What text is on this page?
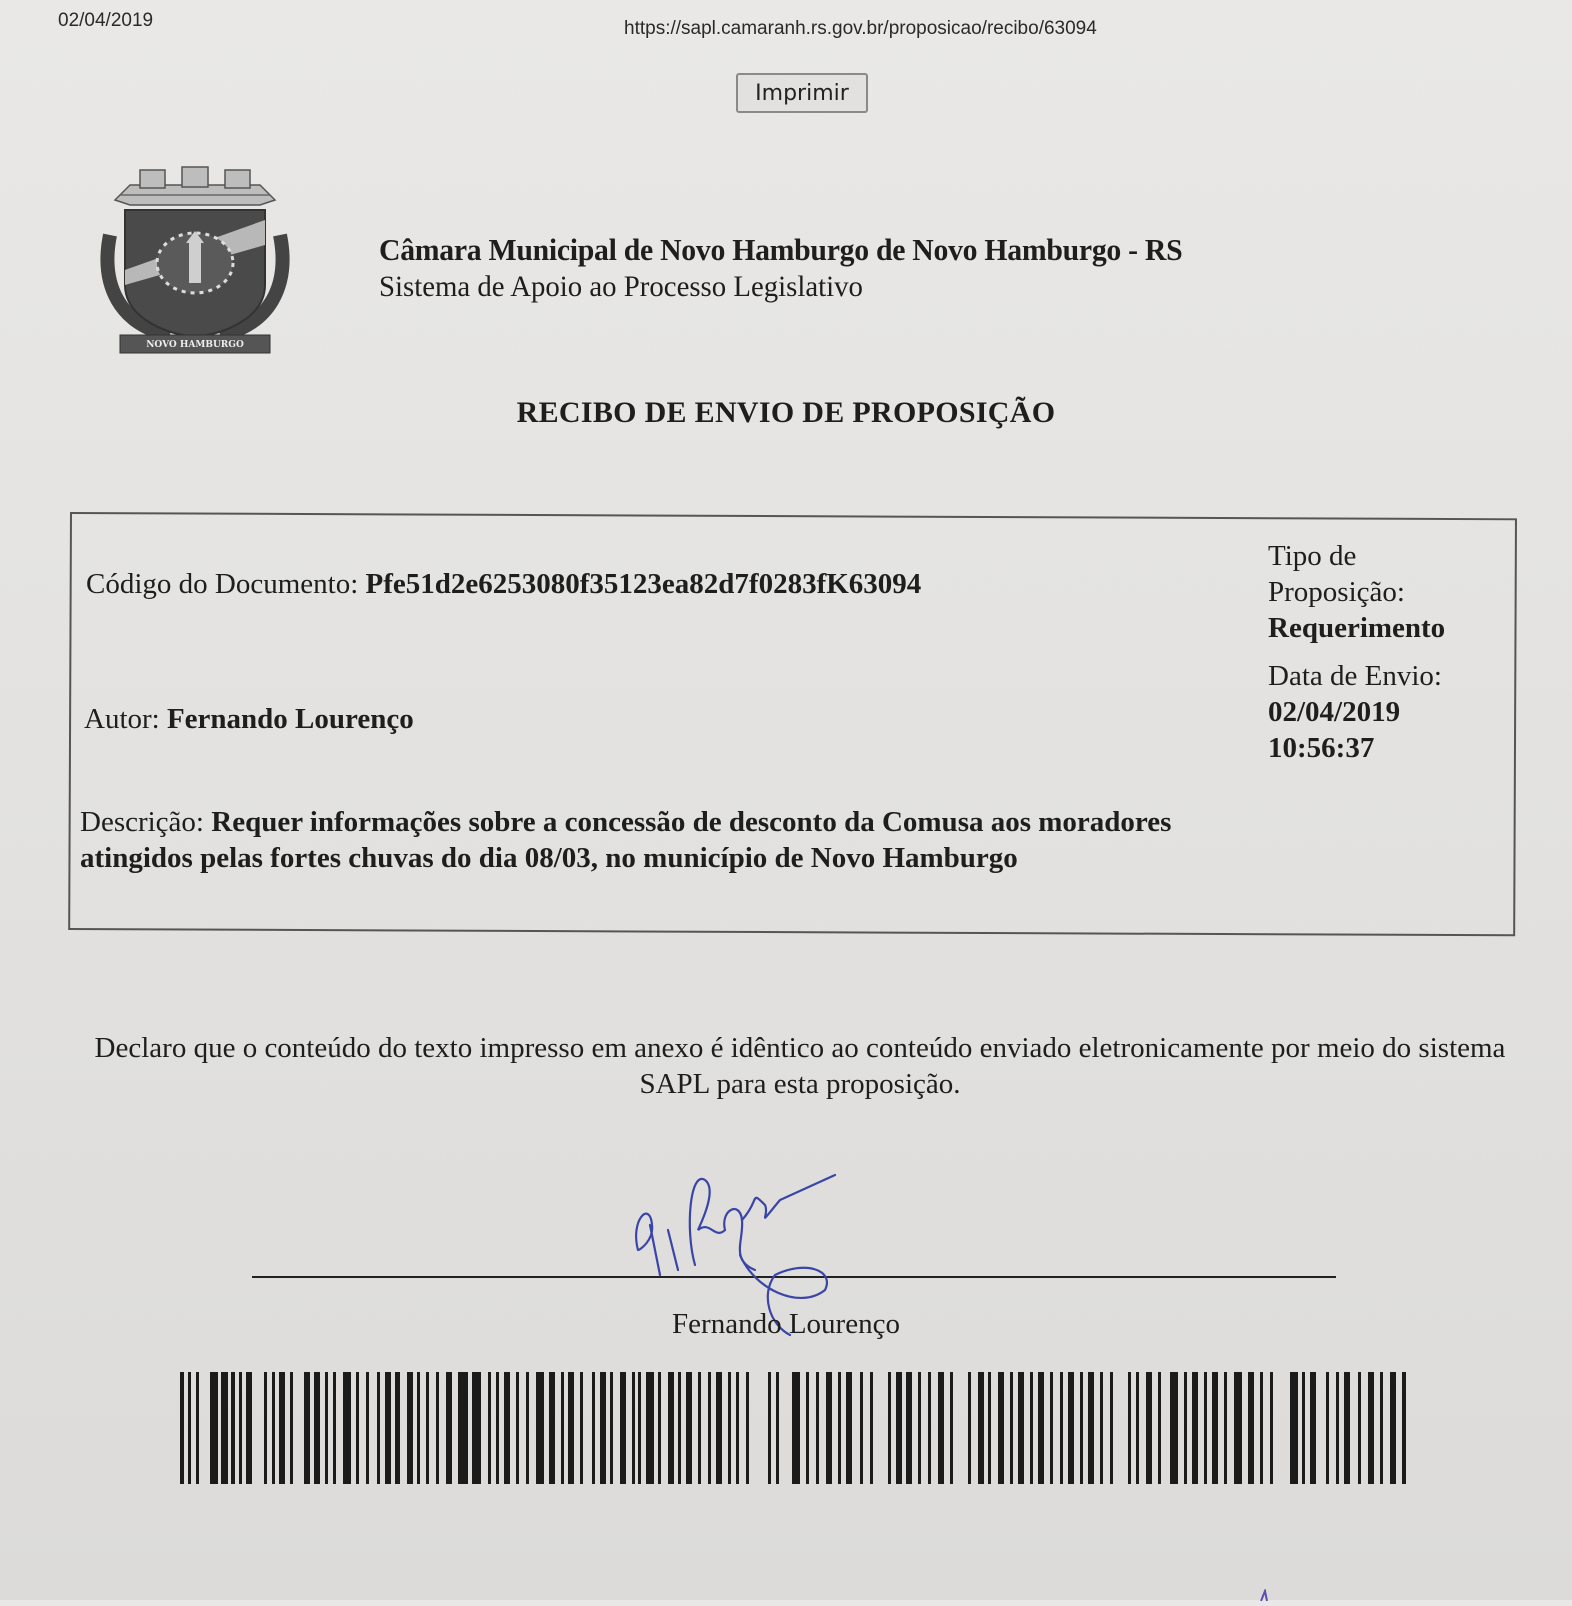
02/04/2019	https://sapl.camaranh.rs.gov.br/proposicao/recibo/63094
Imprimir
NOVO HAMBURGO
Câmara Municipal de Novo Hamburgo de Novo Hamburgo - RS
Sistema de Apoio ao Processo Legislativo
RECIBO DE ENVIO DE PROPOSIÇÃO
Código do Documento: Pfe51d2e6253080f35123ea82d7f0283fK63094
Autor: Fernando Lourenço
Descrição: Requer informações sobre a concessão de desconto da Comusa aos moradores atingidos pelas fortes chuvas do dia 08/03, no município de Novo Hamburgo
Tipo de
Proposição:
Requerimento
Data de Envio:
02/04/2019
10:56:37
Declaro que o conteúdo do texto impresso em anexo é idêntico ao conteúdo enviado eletronicamente por meio do sistema SAPL para esta proposição.
Fernando Lourenço
